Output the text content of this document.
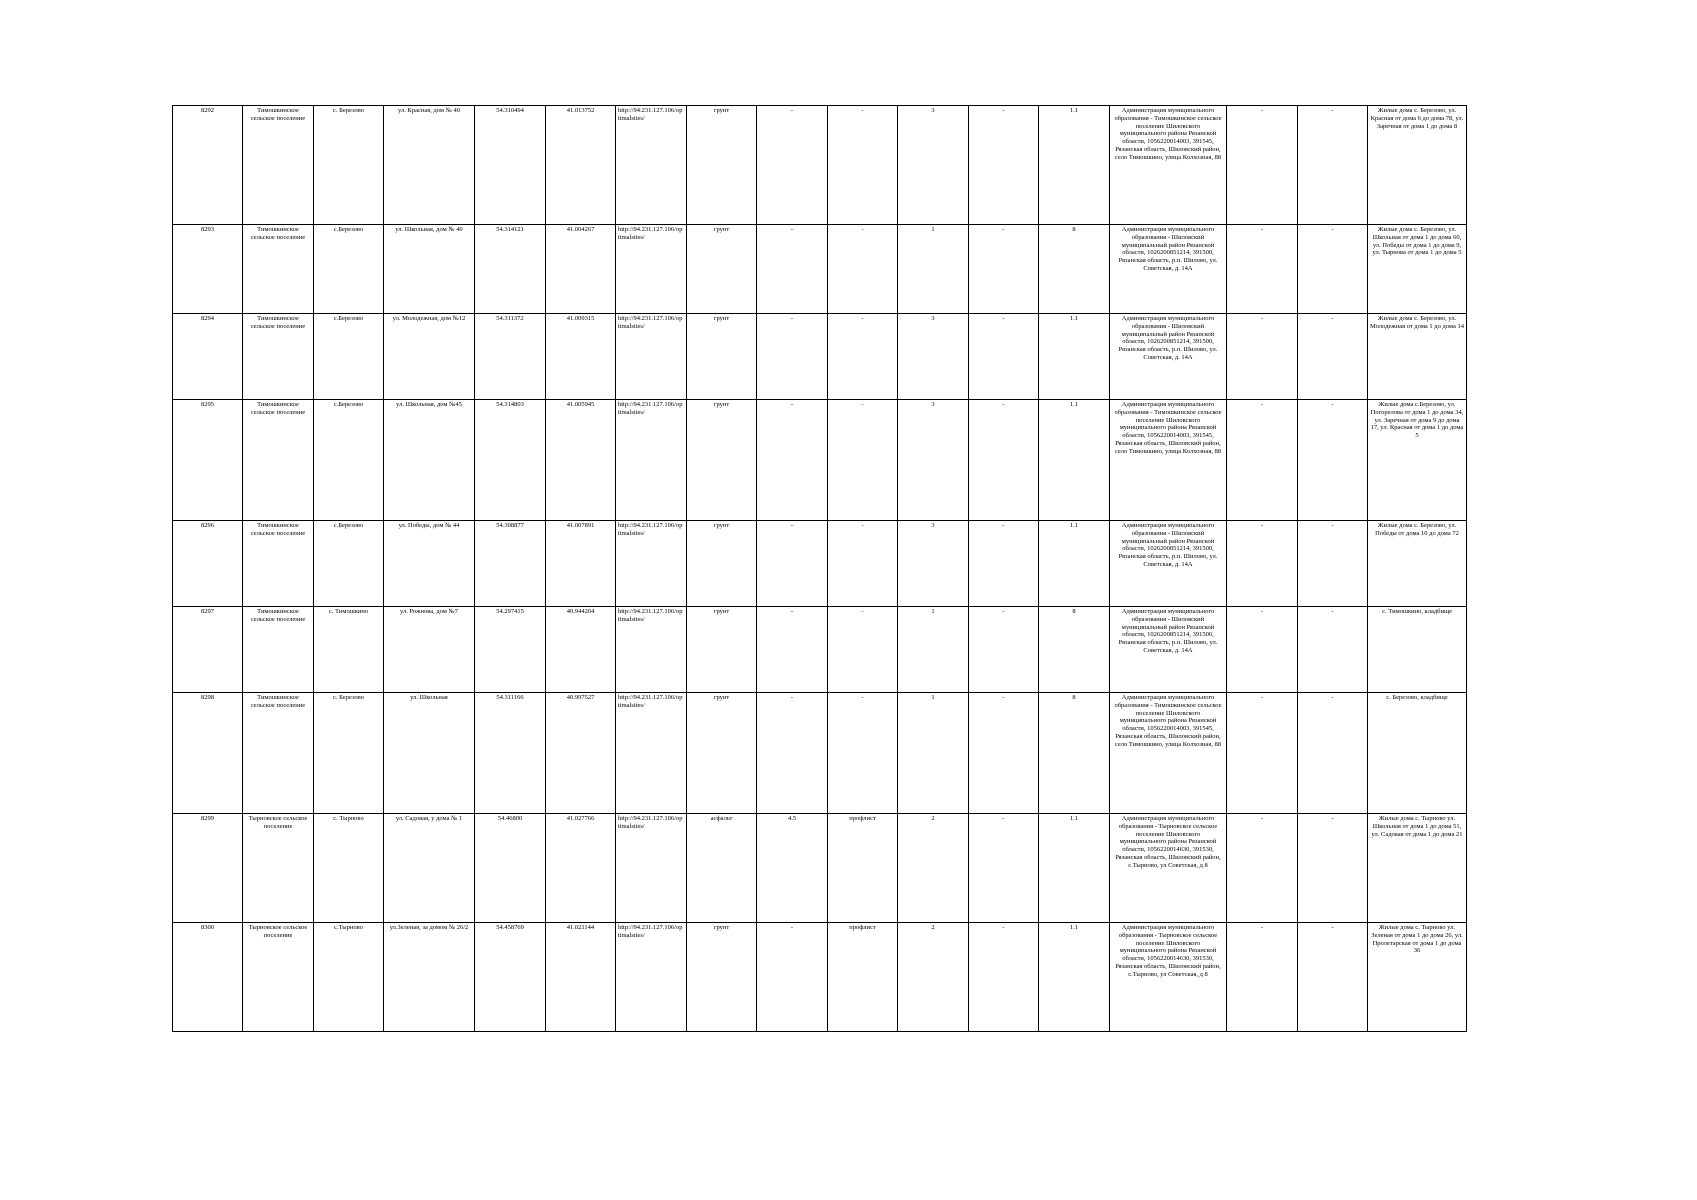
8292	Тимошкинское сельское поселение	с. Березово	ул. Красная, дом № 40	54.310494	41.013752	http://94.231.127.106/optimalsites/	грунт	-	-	3	-	1.1	Администрация муниципального образования - Тимошкинское сельское поселение Шиловского муниципального района Рязанской области, 1056220014003, 391545, Рязанская область, Шиловский район, село Тимошкино, улица Колхозная, 88	-	-	Жилые дома с. Березово, ул. Красная от дома 6 до дома 78, ул. Заречная от дома 1 до дома 8
8293	Тимошкинское сельское поселение	с.Березово	ул. Школьная, дом № 40	54.314121	41.004267	http://94.231.127.106/optimalsites/	грунт	-	-	1	-	8	Администрация муниципального образования - Шиловский муниципальный район Рязанской области, 1026200851214, 391500, Рязанская область, р.п. Шилово, ул. Советская, д. 14А	-	-	Жилые дома с. Березово, ул. Школьная от дома 1 до дома 60, ул. Победы от дома 1 до дома 9, ул. Тырнова от дома 1 до дома 5
8294	Тимошкинское сельское поселение	с.Березово	ул. Молодежная, дом №12	54.311372	41.009315	http://94.231.127.106/optimalsites/	грунт	-	-	3	-	1.1	Администрация муниципального образования - Шиловский муниципальный район Рязанской области, 1026200851214, 391500, Рязанская область, р.п. Шилово, ул. Советская, д. 14А	-	-	Жилые дома с. Березово, ул. Молодежная от дома 1 до дома 14
8295	Тимошкинское сельское поселение	с.Березово	ул. Школьная, дом №45	54.314803	41.005945	http://94.231.127.106/optimalsites/	грунт	-	-	3	-	1.1	Администрация муниципального образования - Тимошкинское сельское поселение Шиловского муниципального района Рязанской области, 1056220014003, 391545, Рязанская область, Шиловский район, село Тимошкино, улица Колхозная, 88	-	-	Жилые дома с.Березово, ул. Погорелова от дома 1 до дома 34, ул. Заречная от дома 9 до дома 17, ул. Красная от дома 1 до дома 5
8296	Тимошкинское сельское поселение	с.Березово	ул. Победы, дом № 44	54.308877	41.007891	http://94.231.127.106/optimalsites/	грунт	-	-	3	-	1.1	Администрация муниципального образования - Шиловский муниципальный район Рязанской области, 1026200851214, 391500, Рязанская область, р.п. Шилово, ул. Советская, д. 14А	-	-	Жилые дома с. Березово, ул. Победы от дома 10 до дома 72
8297	Тимошкинское сельское поселение	с. Тимошкино	ул. Рожнова, дом №7	54.297415	40.944204	http://94.231.127.106/optimalsites/	грунт	-	-	1	-	8	Администрация муниципального образования - Шиловский муниципальный район Рязанской области, 1026200851214, 391500, Рязанская область, р.п. Шилово, ул. Советская, д. 14А	-	-	с. Тимошкино, кладбище
8298	Тимошкинское сельское поселение	с. Березово	ул. Школьная	54.311166	40.997527	http://94.231.127.106/optimalsites/	грунт	-	-	1	-	8	Администрация муниципального образования - Тимошкинское сельское поселение Шиловского муниципального района Рязанской области, 1056220014003, 391545, Рязанская область, Шиловский район, село Тимошкино, улица Колхозная, 88	-	-	с. Березово, кладбище
8299	Тырновское сельское поселение	с. Тырново	ул. Садовая, у дома № 1	54.46800	41.027766	http://94.231.127.106/optimalsites/	асфальт	4.5	профлист	2	-	1.1	Администрация муниципального образования - Тырновское сельское поселение Шиловского муниципального района Рязанской области, 1056220014630, 391530, Рязанская область, Шиловский район, с.Тырново, ул Советская, д 8	-	-	Жилые дома с. Тырново ул. Школьная от дома 1 до дома 51, ул. Садовая от дома 1 до дома 21
8300	Тырновское сельское поселение	с.Тырново	ул.Зеленая, за домом № 26/2	54.458769	41.021144	http://94.231.127.106/optimalsites/	грунт	-	профлист	2	-	1.1	Администрация муниципального образования - Тырновское сельское поселение Шиловского муниципального района Рязанской области, 1056220014630, 391530, Рязанская область, Шиловский район, с.Тырново, ул Советская, д 8	-	-	Жилые дома с. Тырново ул. Зеленая от дома 1 до дома 26, ул. Пролетарская от дома 1 до дома 36
